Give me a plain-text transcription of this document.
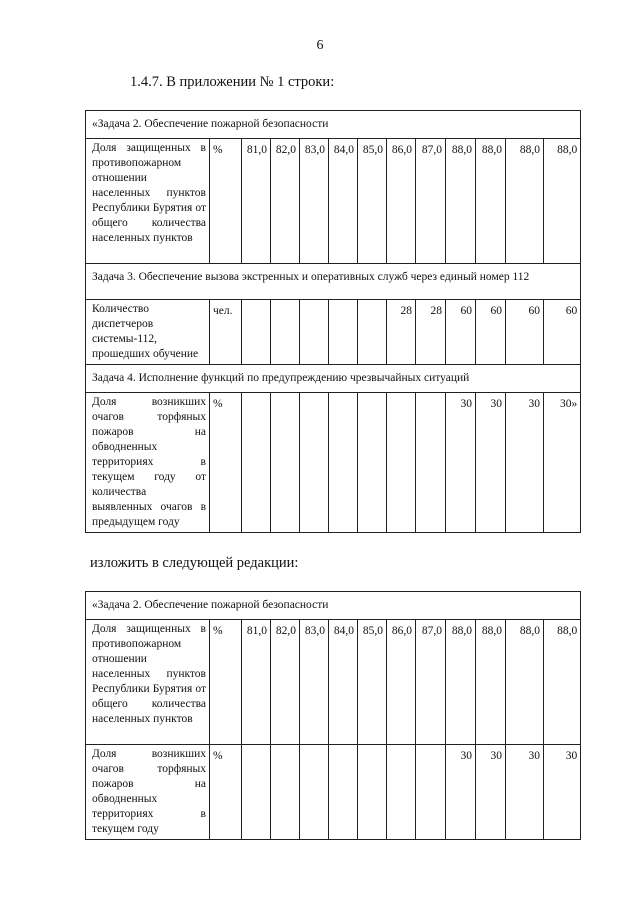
6
1.4.7. В приложении № 1 строки:
«Задача 2. Обеспечение пожарной безопасности												
Доля защищенных в противопожарном отношении населенных пунктов Республики Бурятия от общего количества населенных пунктов	%	81,0	82,0	83,0	84,0	85,0	86,0	87,0	88,0	88,0	88,0	88,0
Задача 3. Обеспечение вызова экстренных и оперативных служб через единый номер 112												
Количество диспетчеров системы-112, прошедших обучение	чел.						28	28	60	60	60	60
Задача 4. Исполнение функций по предупреждению чрезвычайных ситуаций												
Доля возникших очагов торфяных пожаров на обводненных территориях в текущем году от количества выявленных очагов в предыдущем году	%								30	30	30	30»
изложить в следующей редакции:
«Задача 2. Обеспечение пожарной безопасности												
Доля защищенных в противопожарном отношении населенных пунктов Республики Бурятия от общего количества населенных пунктов	%	81,0	82,0	83,0	84,0	85,0	86,0	87,0	88,0	88,0	88,0	88,0
Доля возникших очагов торфяных пожаров на обводненных территориях в текущем году	%								30	30	30	30
